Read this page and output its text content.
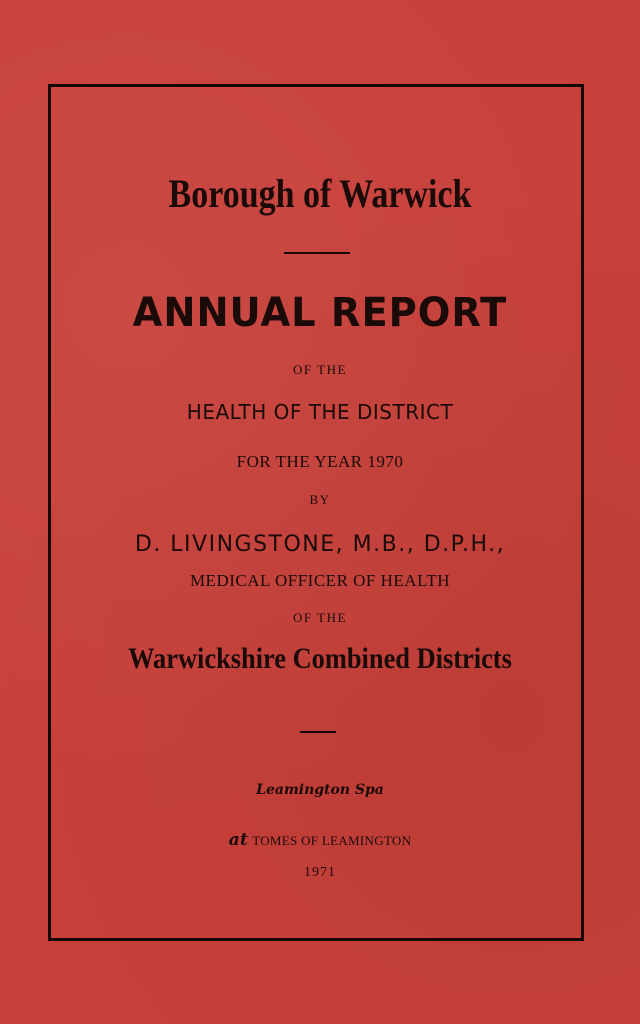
Borough of Warwick
ANNUAL REPORT
OF THE
HEALTH OF THE DISTRICT
FOR THE YEAR 1970
BY
D. LIVINGSTONE, M.B., D.P.H.,
MEDICAL OFFICER OF HEALTH
OF THE
Warwickshire Combined Districts
Leamington Spa
at TOMES OF LEAMINGTON
1971
